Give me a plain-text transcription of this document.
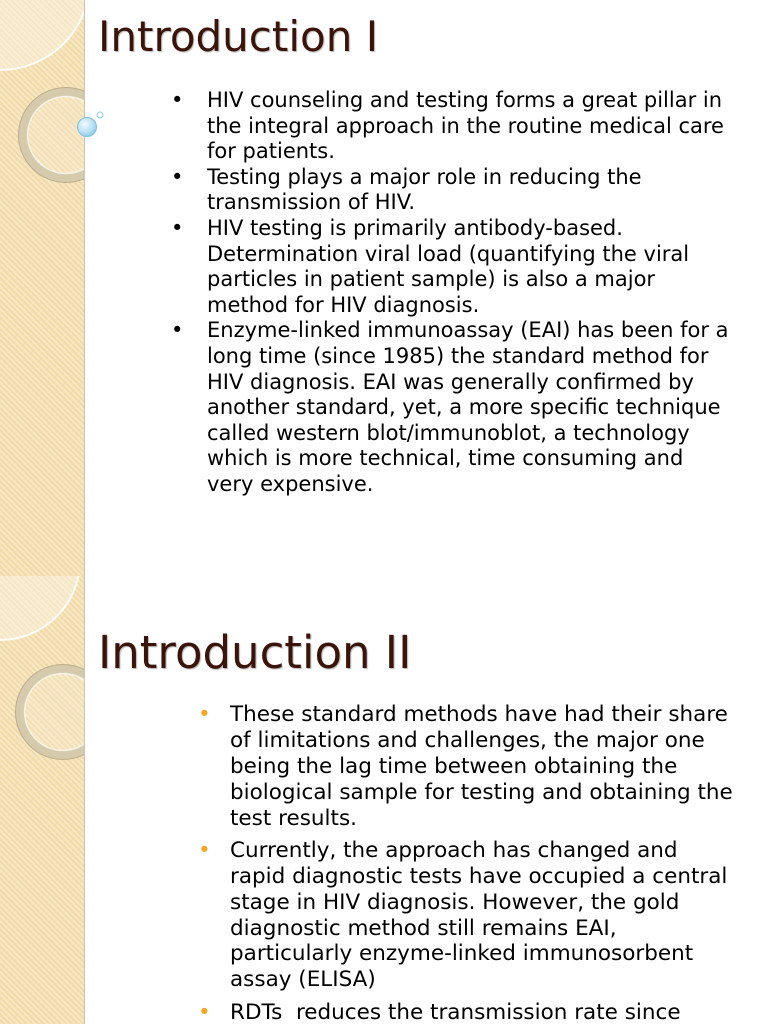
Introduction I
• HIV counseling and testing forms a great pillar in
the integral approach in the routine medical care
for patients.
• Testing plays a major role in reducing the
transmission of HIV.
• HIV testing is primarily antibody-based.
Determination viral load (quantifying the viral
particles in patient sample) is also a major
method for HIV diagnosis.
• Enzyme-linked immunoassay (EAI) has been for a
long time (since 1985) the standard method for
HIV diagnosis. EAI was generally confirmed by
another standard, yet, a more specific technique
called western blot/immunoblot, a technology
which is more technical, time consuming and
very expensive.
Introduction II
• These standard methods have had their share
of limitations and challenges, the major one
being the lag time between obtaining the
biological sample for testing and obtaining the
test results.
• Currently, the approach has changed and
rapid diagnostic tests have occupied a central
stage in HIV diagnosis. However, the gold
diagnostic method still remains EAI,
particularly enzyme-linked immunosorbent
assay (ELISA)
• RDTs  reduces the transmission rate since
